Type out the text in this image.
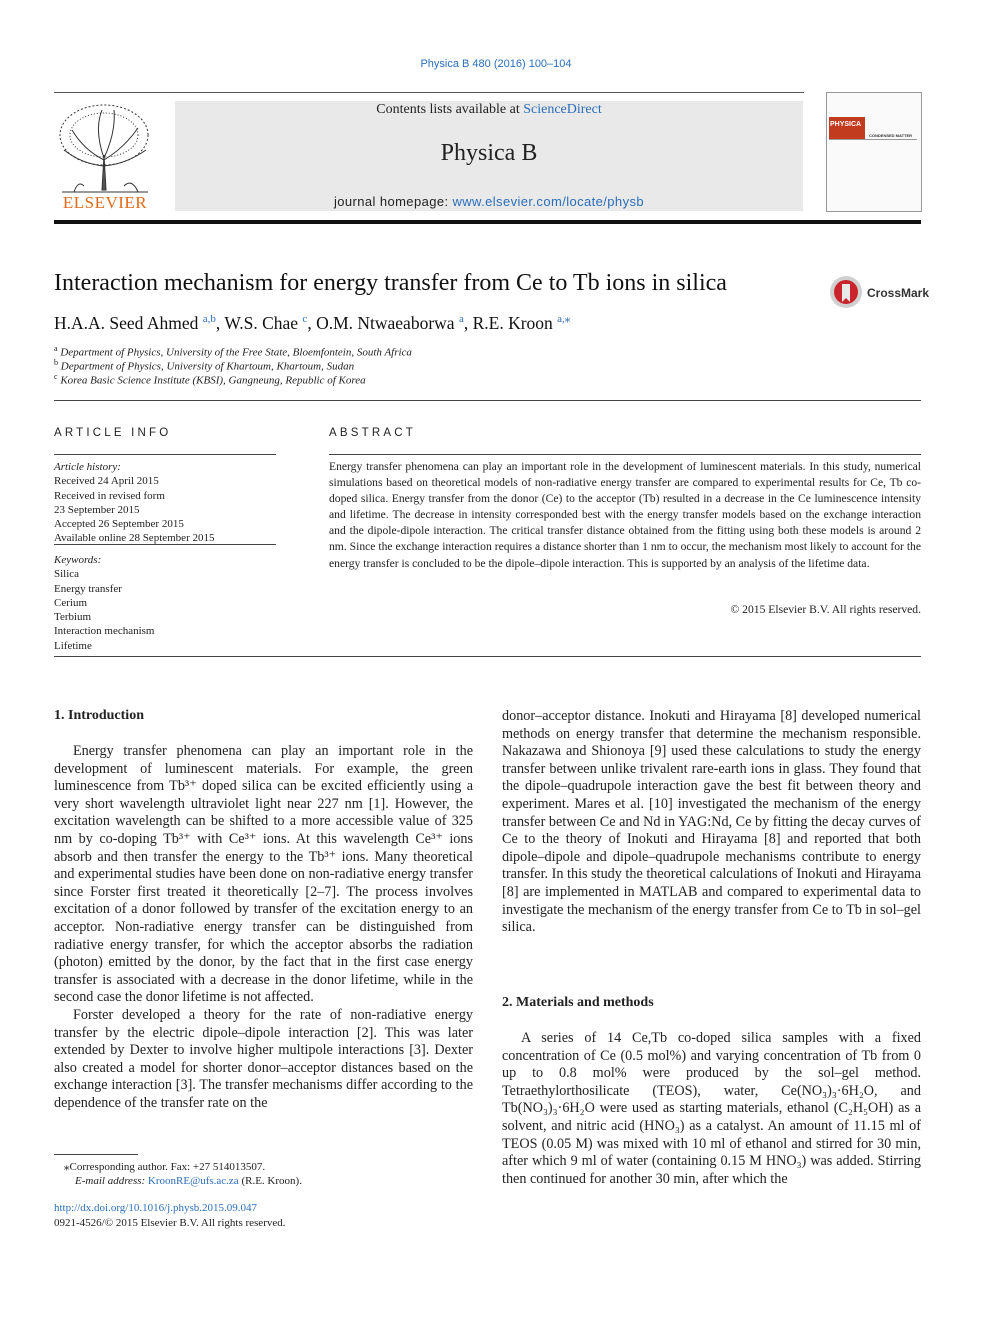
Physica B 480 (2016) 100–104
ELSEVIER
Contents lists available at ScienceDirect
Physica B
journal homepage: www.elsevier.com/locate/physb
PHYSICA
CONDENSED MATTER
Interaction mechanism for energy transfer from Ce to Tb ions in silica	CrossMark
H.A.A. Seed Ahmed $^{a,b}$, W.S. Chae $^c$, O.M. Ntwaeaborwa $^a$, R.E. Kroon $^{a,⁎}$
$^a$ Department of Physics, University of the Free State, Bloemfontein, South Africa
$^b$ Department of Physics, University of Khartoum, Khartoum, Sudan
$^c$ Korea Basic Science Institute (KBSI), Gangneung, Republic of Korea
ARTICLE INFO	ABSTRACT
Article history:
Received 24 April 2015
Received in revised form
23 September 2015
Accepted 26 September 2015
Available online 28 September 2015
Keywords:
Silica
Energy transfer
Cerium
Terbium
Interaction mechanism
Lifetime
Energy transfer phenomena can play an important role in the development of luminescent materials. In this study, numerical simulations based on theoretical models of non-radiative energy transfer are compared to experimental results for Ce, Tb co-doped silica. Energy transfer from the donor (Ce) to the acceptor (Tb) resulted in a decrease in the Ce luminescence intensity and lifetime. The decrease in intensity corresponded best with the energy transfer models based on the exchange interaction and the dipole-dipole interaction. The critical transfer distance obtained from the fitting using both these models is around 2 nm. Since the exchange interaction requires a distance shorter than 1 nm to occur, the mechanism most likely to account for the energy transfer is concluded to be the dipole–dipole interaction. This is supported by an analysis of the lifetime data.
© 2015 Elsevier B.V. All rights reserved.
1. Introduction

Energy transfer phenomena can play an important role in the development of luminescent materials. For example, the green luminescence from Tb³⁺ doped silica can be excited efficiently using a very short wavelength ultraviolet light near 227 nm [1]. However, the excitation wavelength can be shifted to a more accessible value of 325 nm by co-doping Tb³⁺ with Ce³⁺ ions. At this wavelength Ce³⁺ ions absorb and then transfer the energy to the Tb³⁺ ions. Many theoretical and experimental studies have been done on non-radiative energy transfer since Forster first treated it theoretically [2–7]. The process involves excitation of a donor followed by transfer of the excitation energy to an acceptor. Non-radiative energy transfer can be distinguished from radiative energy transfer, for which the acceptor absorbs the radiation (photon) emitted by the donor, by the fact that in the first case energy transfer is associated with a decrease in the donor lifetime, while in the second case the donor lifetime is not affected.

Forster developed a theory for the rate of non-radiative energy transfer by the electric dipole–dipole interaction [2]. This was later extended by Dexter to involve higher multipole interactions [3]. Dexter also created a model for shorter donor–acceptor distances based on the exchange interaction [3]. The transfer mechanisms differ according to the dependence of the transfer rate on the

donor–acceptor distance. Inokuti and Hirayama [8] developed numerical methods on energy transfer that determine the mechanism responsible. Nakazawa and Shionoya [9] used these calculations to study the energy transfer between unlike trivalent rare-earth ions in glass. They found that the dipole–quadrupole interaction gave the best fit between theory and experiment. Mares et al. [10] investigated the mechanism of the energy transfer between Ce and Nd in YAG:Nd, Ce by fitting the decay curves of Ce to the theory of Inokuti and Hirayama [8] and reported that both dipole–dipole and dipole–quadrupole mechanisms contribute to energy transfer. In this study the theoretical calculations of Inokuti and Hirayama [8] are implemented in MATLAB and compared to experimental data to investigate the mechanism of the energy transfer from Ce to Tb in sol–gel silica.

2. Materials and methods

A series of 14 Ce,Tb co-doped silica samples with a fixed concentration of Ce (0.5 mol%) and varying concentration of Tb from 0 up to 0.8 mol% were produced by the sol–gel method. Tetraethylorthosilicate (TEOS), water, Ce(NO₃)₃·6H₂O, and Tb(NO₃)₃·6H₂O were used as starting materials, ethanol (C₂H₅OH) as a solvent, and nitric acid (HNO₃) as a catalyst. An amount of 11.15 ml of TEOS (0.05 M) was mixed with 10 ml of ethanol and stirred for 30 min, after which 9 ml of water (containing 0.15 M HNO₃) was added. Stirring then continued for another 30 min, after which the

⁎Corresponding author. Fax: +27 514013507.
E-mail address: KroonRE@ufs.ac.za (R.E. Kroon).
http://dx.doi.org/10.1016/j.physb.2015.09.047
0921-4526/© 2015 Elsevier B.V. All rights reserved.
